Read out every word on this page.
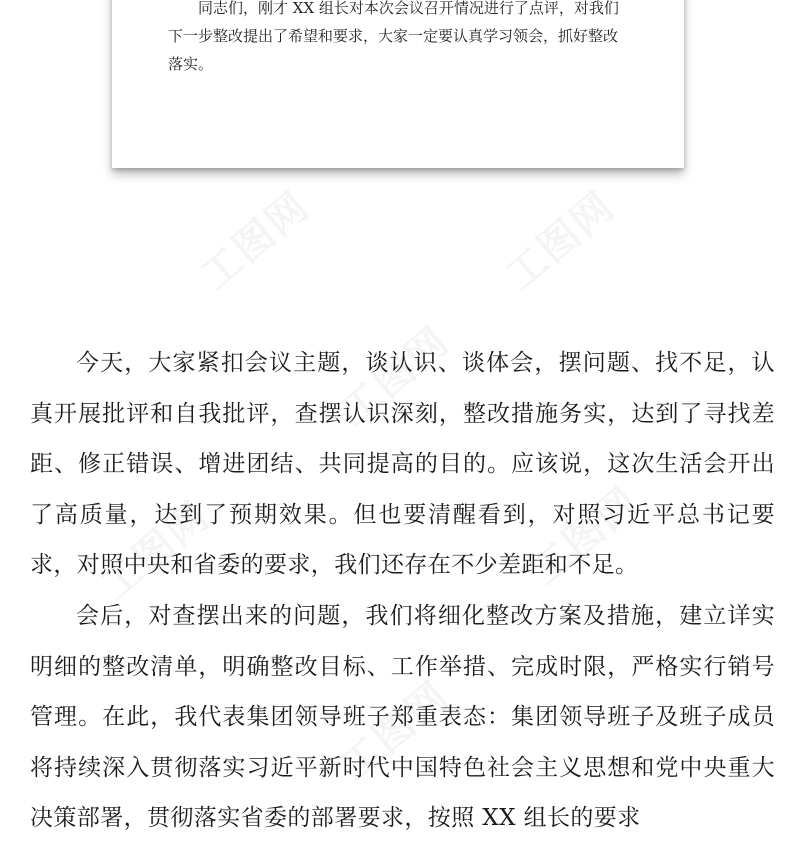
同志们，刚才 XX 组长对本次会议召开情况进行了点评，对我们
下一步整改提出了希望和要求，大家一定要认真学习领会，抓好整改
落实。

今天，大家紧扣会议主题，谈认识、谈体会，摆问题、找不足，认真开展批评和自我批评，查摆认识深刻，整改措施务实，达到了寻找差距、修正错误、增进团结、共同提高的目的。应该说，这次生活会开出了高质量，达到了预期效果。但也要清醒看到，对照习近平总书记要求，对照中央和省委的要求，我们还存在不少差距和不足。

会后，对查摆出来的问题，我们将细化整改方案及措施，建立详实明细的整改清单，明确整改目标、工作举措、完成时限，严格实行销号管理。在此，我代表集团领导班子郑重表态：集团领导班子及班子成员将持续深入贯彻落实习近平新时代中国特色社会主义思想和党中央重大决策部署，贯彻落实省委的部署要求，按照 XX 组长的要求
